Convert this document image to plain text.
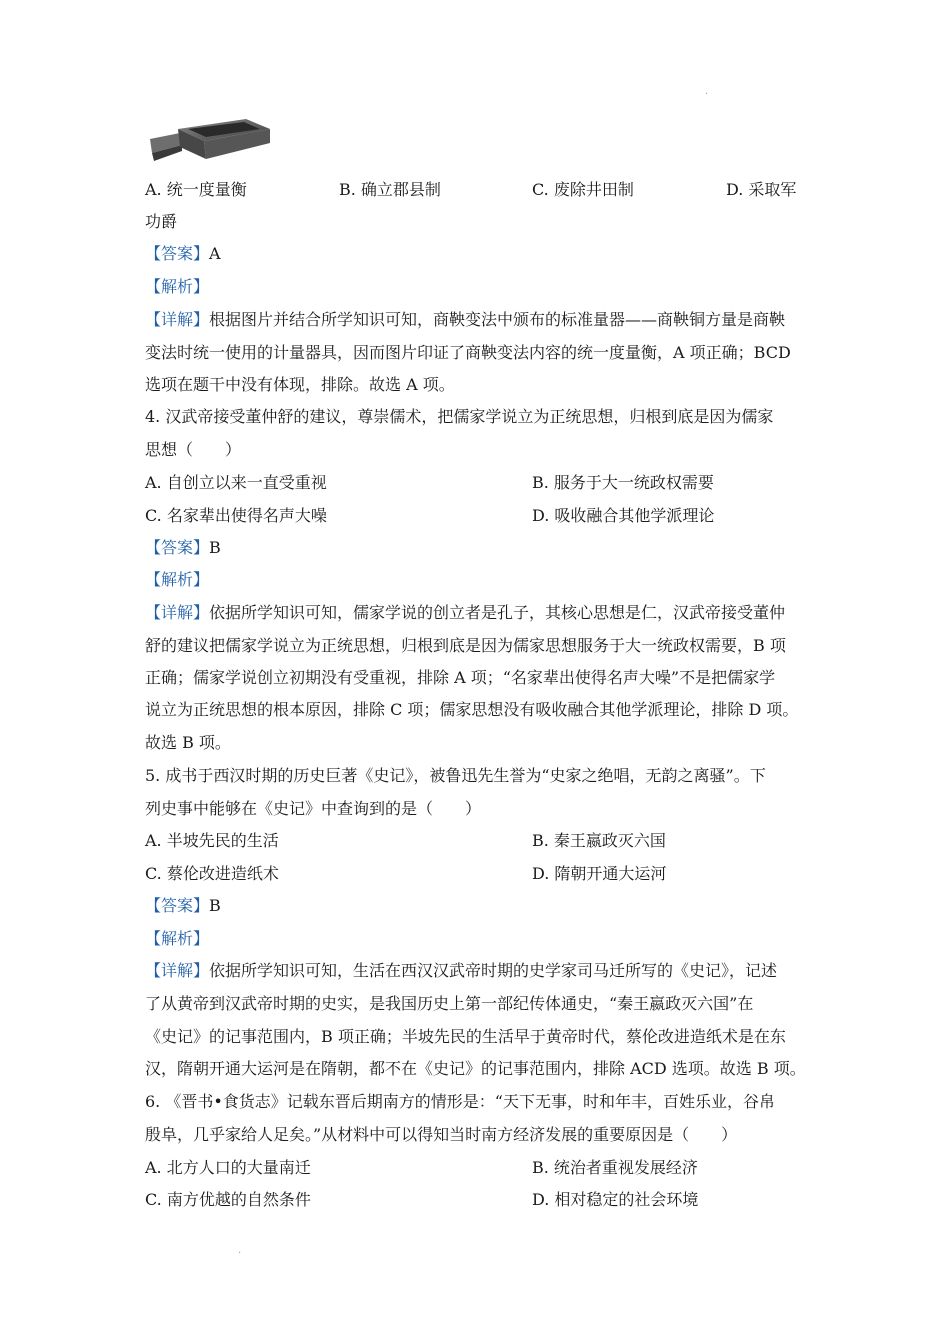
.
A. 统一度量衡	B. 确立郡县制	C. 废除井田制	D. 采取军
功爵
【答案】A
【解析】
【详解】根据图片并结合所学知识可知，商鞅变法中颁布的标准量器——商鞅铜方量是商鞅
变法时统一使用的计量器具，因而图片印证了商鞅变法内容的统一度量衡，A 项正确；BCD
选项在题干中没有体现，排除。故选 A 项。
4. 汉武帝接受董仲舒的建议，尊崇儒术，把儒家学说立为正统思想，归根到底是因为儒家
思想（　　）
A. 自创立以来一直受重视	B. 服务于大一统政权需要
C. 名家辈出使得名声大噪	D. 吸收融合其他学派理论
【答案】B
【解析】
【详解】依据所学知识可知，儒家学说的创立者是孔子，其核心思想是仁，汉武帝接受董仲
舒的建议把儒家学说立为正统思想，归根到底是因为儒家思想服务于大一统政权需要，B 项
正确；儒家学说创立初期没有受重视，排除 A 项；“名家辈出使得名声大噪”不是把儒家学
说立为正统思想的根本原因，排除 C 项；儒家思想没有吸收融合其他学派理论，排除 D 项。
故选 B 项。
5. 成书于西汉时期的历史巨著《史记》，被鲁迅先生誉为“史家之绝唱，无韵之离骚”。下
列史事中能够在《史记》中查询到的是（　　）
A. 半坡先民的生活	B. 秦王嬴政灭六国
C. 蔡伦改进造纸术	D. 隋朝开通大运河
【答案】B
【解析】
【详解】依据所学知识可知，生活在西汉汉武帝时期的史学家司马迁所写的《史记》，记述
了从黄帝到汉武帝时期的史实，是我国历史上第一部纪传体通史，“秦王嬴政灭六国”在
《史记》的记事范围内，B 项正确；半坡先民的生活早于黄帝时代，蔡伦改进造纸术是在东
汉，隋朝开通大运河是在隋朝，都不在《史记》的记事范围内，排除 ACD 选项。故选 B 项。
6. 《晋书•食货志》记载东晋后期南方的情形是：“天下无事，时和年丰，百姓乐业，谷帛
殷阜，几乎家给人足矣。”从材料中可以得知当时南方经济发展的重要原因是（　　）
A. 北方人口的大量南迁	B. 统治者重视发展经济
C. 南方优越的自然条件	D. 相对稳定的社会环境
.
